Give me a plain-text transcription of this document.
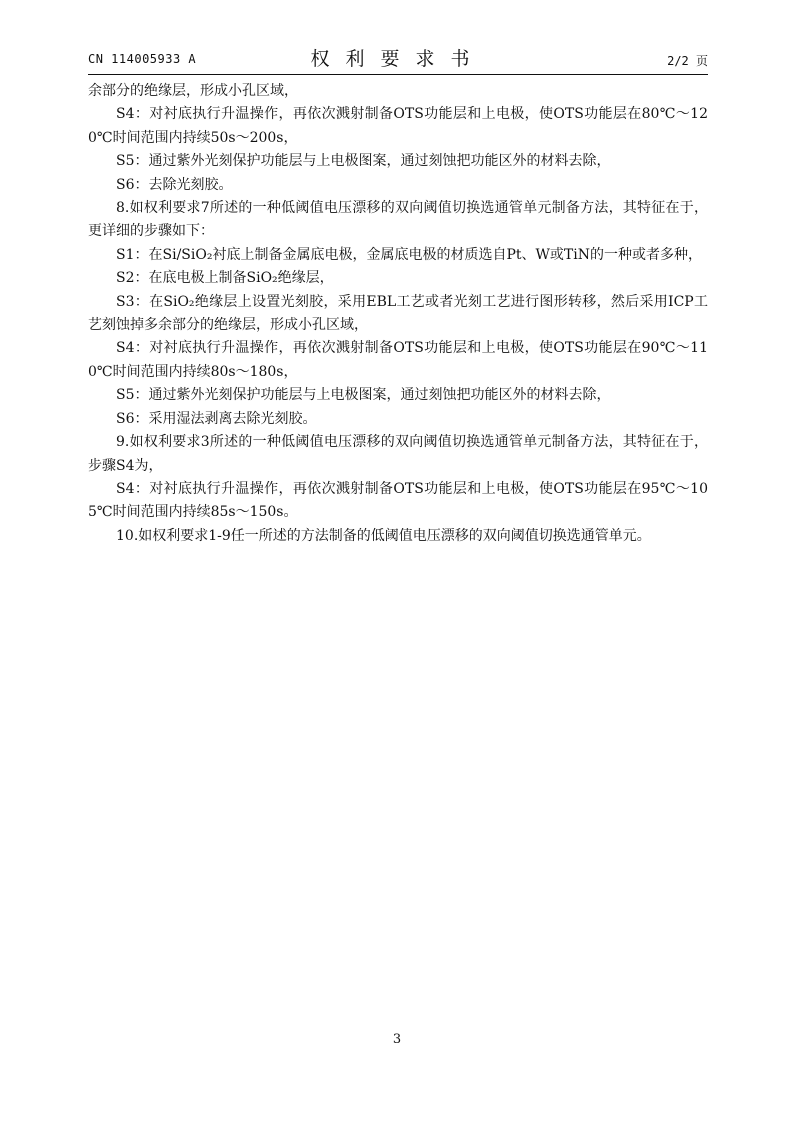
CN 114005933 A	权利要求书	2/2 页

余部分的绝缘层，形成小孔区域，

S4：对衬底执行升温操作，再依次溅射制备OTS功能层和上电极，使OTS功能层在80℃～120℃时间范围内持续50s～200s，

S5：通过紫外光刻保护功能层与上电极图案，通过刻蚀把功能区外的材料去除，

S6：去除光刻胶。

8.如权利要求7所述的一种低阈值电压漂移的双向阈值切换选通管单元制备方法，其特征在于，更详细的步骤如下：

S1：在Si/SiO₂衬底上制备金属底电极，金属底电极的材质选自Pt、W或TiN的一种或者多种，

S2：在底电极上制备SiO₂绝缘层，

S3：在SiO₂绝缘层上设置光刻胶，采用EBL工艺或者光刻工艺进行图形转移，然后采用ICP工艺刻蚀掉多余部分的绝缘层，形成小孔区域，

S4：对衬底执行升温操作，再依次溅射制备OTS功能层和上电极，使OTS功能层在90℃～110℃时间范围内持续80s～180s，

S5：通过紫外光刻保护功能层与上电极图案，通过刻蚀把功能区外的材料去除，

S6：采用湿法剥离去除光刻胶。

9.如权利要求3所述的一种低阈值电压漂移的双向阈值切换选通管单元制备方法，其特征在于，步骤S4为，

S4：对衬底执行升温操作，再依次溅射制备OTS功能层和上电极，使OTS功能层在95℃～105℃时间范围内持续85s～150s。

10.如权利要求1-9任一所述的方法制备的低阈值电压漂移的双向阈值切换选通管单元。

3
